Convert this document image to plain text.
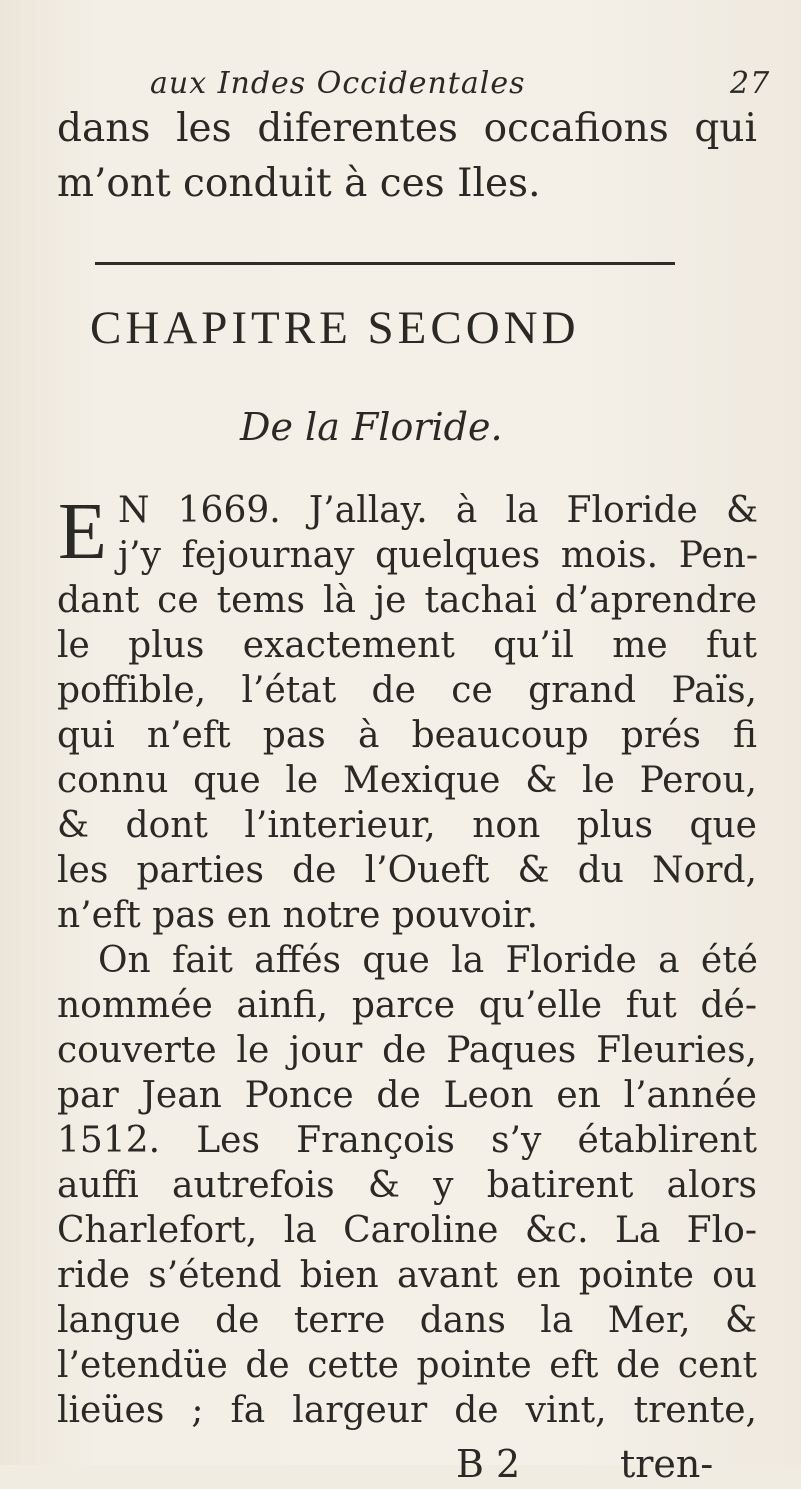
aux Indes Occidentales	27
dans les diferentes occafions qui
m’ont conduit à ces Iles.
CHAPITRE SECOND
De la Floride.
E N 1669. J’allay. à la Floride &
j’y fejournay quelques mois. Pen-
dant ce tems là je tachai d’aprendre
le plus exactement qu’il me fut
poffible, l’état de ce grand Païs,
qui n’eft pas à beaucoup prés fi
connu que le Mexique & le Perou,
& dont l’interieur, non plus que
les parties de l’Oueft & du Nord,
n’eft pas en notre pouvoir.
On fait affés que la Floride a été
nommée ainfi, parce qu’elle fut dé-
couverte le jour de Paques Fleuries,
par Jean Ponce de Leon en l’année
1512. Les François s’y établirent
auffi autrefois & y batirent alors
Charlefort, la Caroline &c. La Flo-
ride s’étend bien avant en pointe ou
langue de terre dans la Mer, &
l’etendüe de cette pointe eft de cent
lieües ; fa largeur de vint, trente,
B 2	tren-
